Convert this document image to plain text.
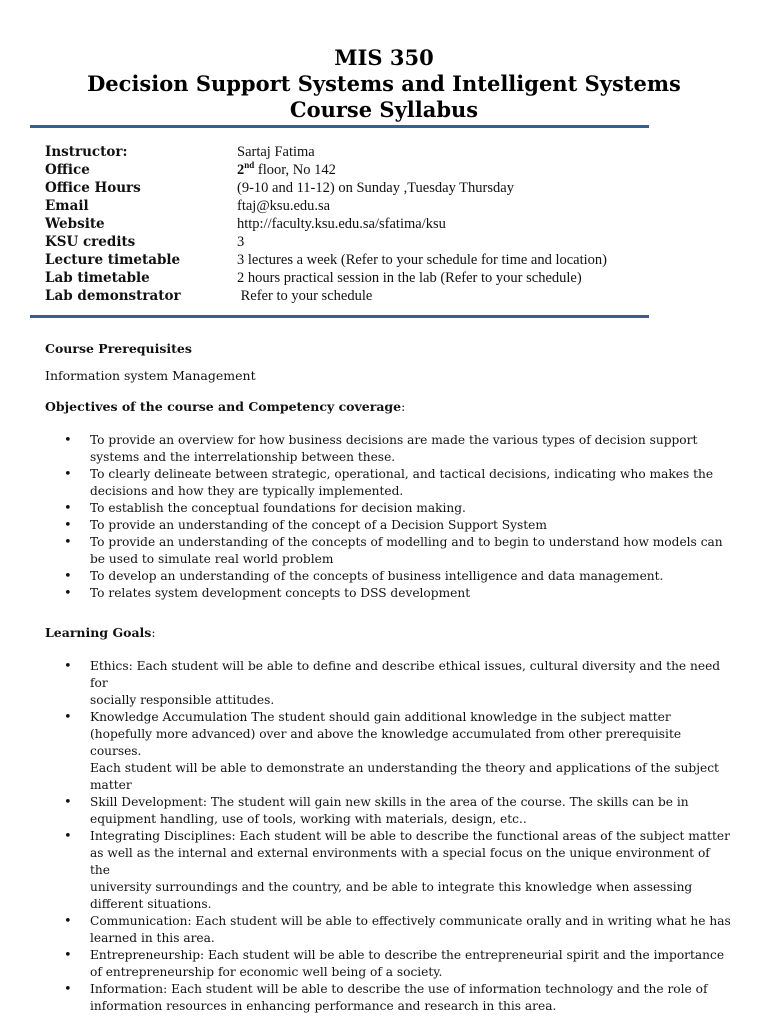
MIS 350
Decision Support Systems and Intelligent Systems
Course Syllabus
Instructor:	Sartaj Fatima
Office	2nd floor, No 142
Office Hours	(9-10 and 11-12) on Sunday ,Tuesday Thursday
Email	ftaj@ksu.edu.sa
Website	http://faculty.ksu.edu.sa/sfatima/ksu
KSU credits	3
Lecture timetable	3 lectures a week (Refer to your schedule for time and location)
Lab timetable	2 hours practical session in the lab (Refer to your schedule)
Lab demonstrator	Refer to your schedule
Course Prerequisites
Information system Management
Objectives of the course and Competency coverage:
• To provide an overview for how business decisions are made the various types of decision support
systems and the interrelationship between these.
• To clearly delineate between strategic, operational, and tactical decisions, indicating who makes the
decisions and how they are typically implemented.
• To establish the conceptual foundations for decision making.
• To provide an understanding of the concept of a Decision Support System
• To provide an understanding of the concepts of modelling and to begin to understand how models can
be used to simulate real world problem
• To develop an understanding of the concepts of business intelligence and data management.
• To relates system development concepts to DSS development
Learning Goals:
• Ethics: Each student will be able to define and describe ethical issues, cultural diversity and the need for
socially responsible attitudes.
• Knowledge Accumulation The student should gain additional knowledge in the subject matter
(hopefully more advanced) over and above the knowledge accumulated from other prerequisite courses.
Each student will be able to demonstrate an understanding the theory and applications of the subject
matter
• Skill Development: The student will gain new skills in the area of the course. The skills can be in
equipment handling, use of tools, working with materials, design, etc..
• Integrating Disciplines: Each student will be able to describe the functional areas of the subject matter
as well as the internal and external environments with a special focus on the unique environment of the
university surroundings and the country, and be able to integrate this knowledge when assessing
different situations.
• Communication: Each student will be able to effectively communicate orally and in writing what he has
learned in this area.
• Entrepreneurship: Each student will be able to describe the entrepreneurial spirit and the importance
of entrepreneurship for economic well being of a society.
• Information: Each student will be able to describe the use of information technology and the role of
information resources in enhancing performance and research in this area.
